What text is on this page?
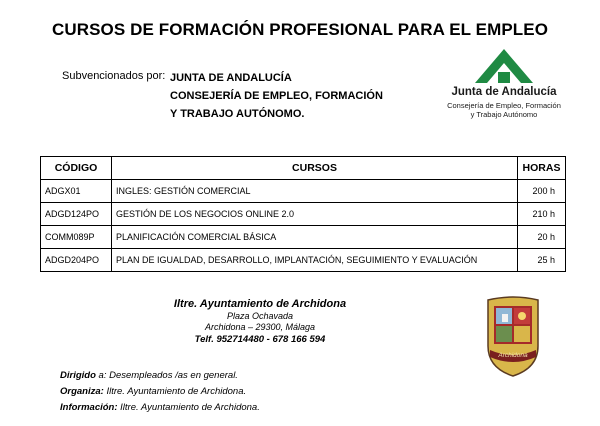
CURSOS DE FORMACIÓN PROFESIONAL PARA EL EMPLEO
Subvencionados por: JUNTA DE ANDALUCÍA
CONSEJERÍA DE EMPLEO, FORMACIÓN
Y TRABAJO AUTÓNOMO.
Junta de Andalucía
Consejería de Empleo, Formación
y Trabajo Autónomo
CÓDIGO	CURSOS	HORAS
ADGX01	INGLES: GESTIÓN COMERCIAL	200 h
ADGD124PO	GESTIÓN DE LOS NEGOCIOS ONLINE 2.0	210 h
COMM089P	PLANIFICACIÓN COMERCIAL BÁSICA	20 h
ADGD204PO	PLAN DE IGUALDAD, DESARROLLO, IMPLANTACIÓN, SEGUIMIENTO Y EVALUACIÓN	25 h
Iltre. Ayuntamiento de Archidona
Plaza Ochavada
Archidona – 29300, Málaga
Telf. 952714480 - 678 166 594
Archidona
Dirigido a: Desempleados /as en general.
Organiza: Iltre. Ayuntamiento de Archidona.
Información: Iltre. Ayuntamiento de Archidona.
